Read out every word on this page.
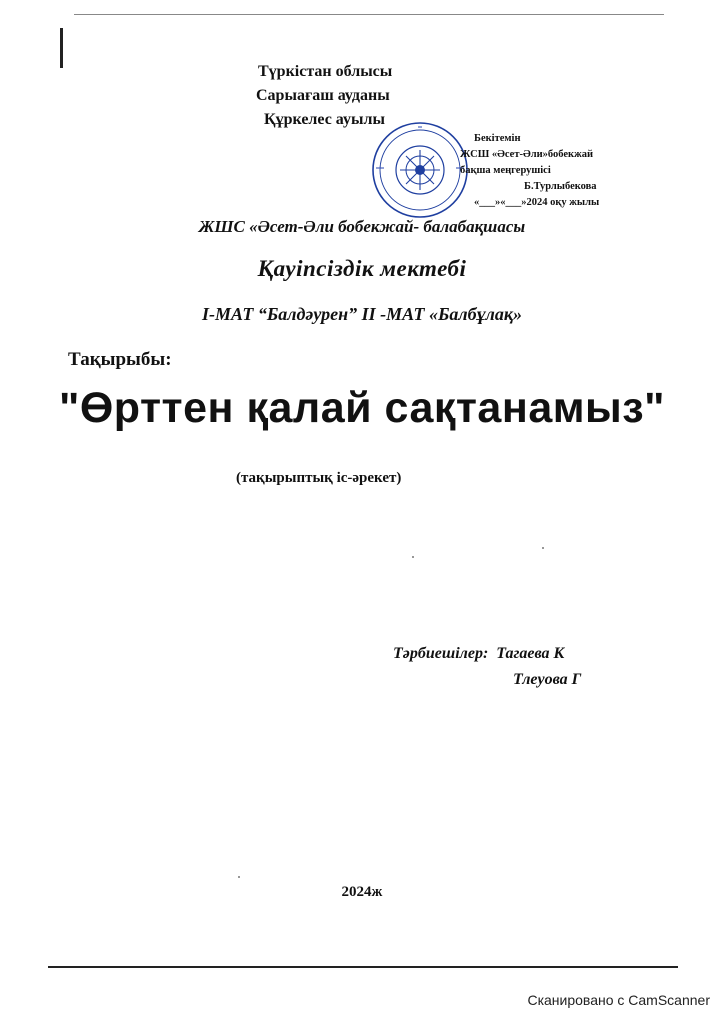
Түркістан облысы
Сарыағаш ауданы
Құркелес ауылы
Бекітемін
ЖСШ «Әсет-Әли»бобекжай
бақша меңгерушісі
Б.Турлыбекова
«___»«___»2024 оқу жылы
ЖШС «Әсет-Әли бобекжай- балабақшасы
Қауіпсіздік мектебі
I-МАТ “Балдәурен” II -МАТ «Балбұлақ»
Тақырыбы:
"Өрттен қалай сақтанамыз"
(тақырыптық іс-әрекет)
Тәрбиешілер: Тагаева К
Тлеуова Г
2024ж
Сканировано с CamScanner
